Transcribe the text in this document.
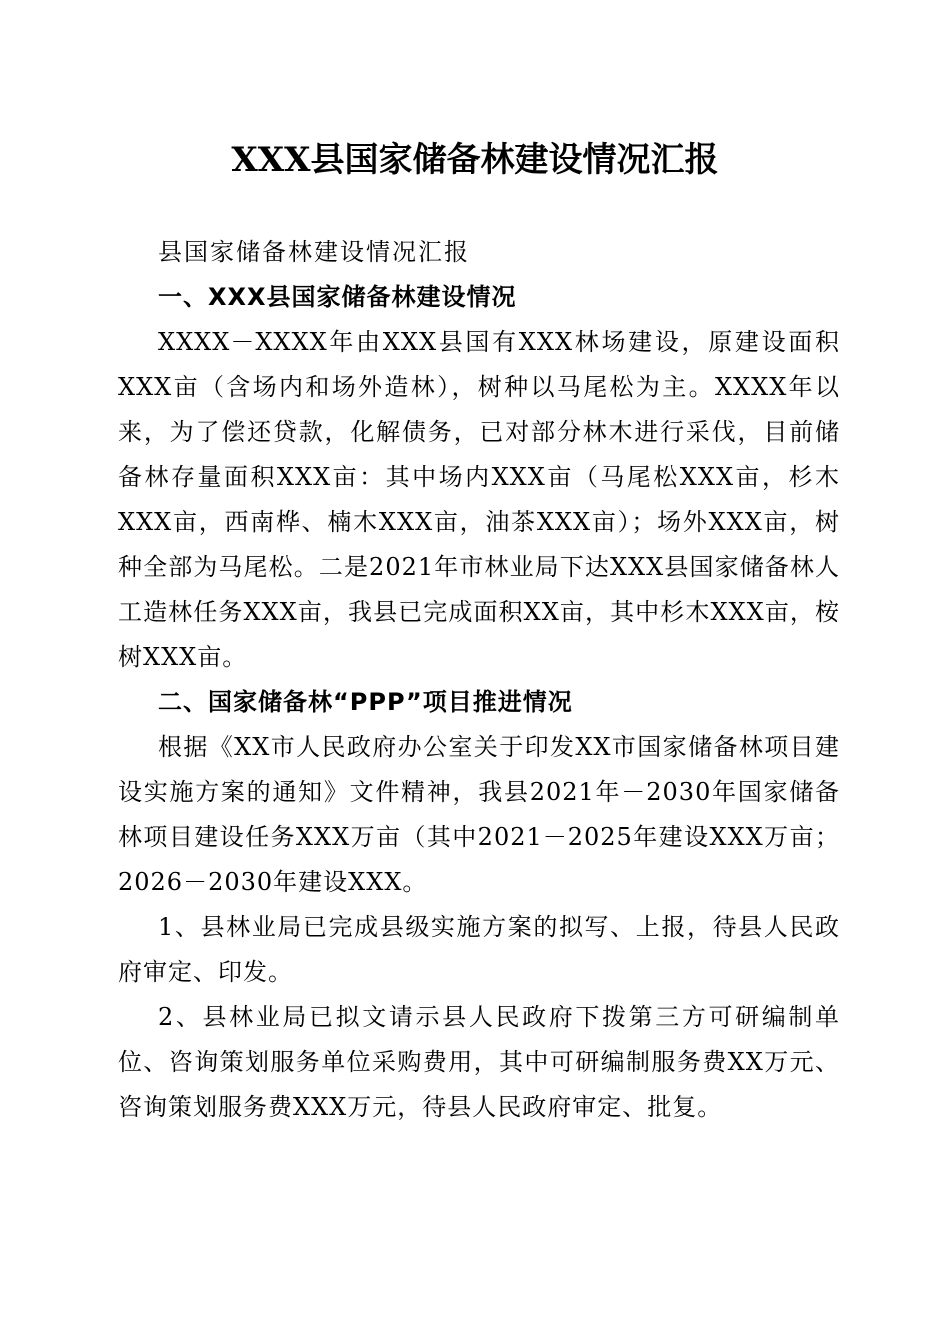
XXX县国家储备林建设情况汇报

县国家储备林建设情况汇报

一、XXX县国家储备林建设情况

XXXX－XXXX年由XXX县国有XXX林场建设，原建设面积XXX亩（含场内和场外造林），树种以马尾松为主。XXXX年以来，为了偿还贷款，化解债务，已对部分林木进行采伐，目前储备林存量面积XXX亩：其中场内XXX亩（马尾松XXX亩，杉木XXX亩，西南桦、楠木XXX亩，油茶XXX亩）；场外XXX亩，树种全部为马尾松。二是2021年市林业局下达XXX县国家储备林人工造林任务XXX亩，我县已完成面积XX亩，其中杉木XXX亩，桉树XXX亩。

二、国家储备林“PPP”项目推进情况

根据《XX市人民政府办公室关于印发XX市国家储备林项目建设实施方案的通知》文件精神，我县2021年－2030年国家储备林项目建设任务XXX万亩（其中2021－2025年建设XXX万亩；2026－2030年建设XXX。

1、县林业局已完成县级实施方案的拟写、上报，待县人民政府审定、印发。

2、县林业局已拟文请示县人民政府下拨第三方可研编制单位、咨询策划服务单位采购费用，其中可研编制服务费XX万元、咨询策划服务费XXX万元，待县人民政府审定、批复。
